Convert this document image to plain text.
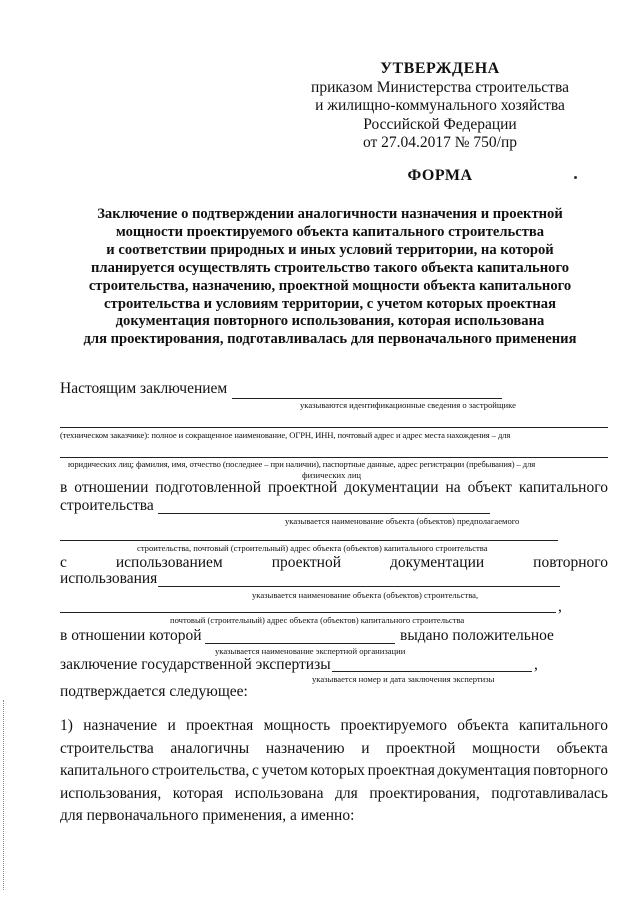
УТВЕРЖДЕНА
приказом Министерства строительства
и жилищно-коммунального хозяйства
Российской Федерации
от 27.04.2017 № 750/пр
ФОРМА
Заключение о подтверждении аналогичности назначения и проектной
мощности проектируемого объекта капитального строительства
и соответствии природных и иных условий территории, на которой
планируется осуществлять строительство такого объекта капитального
строительства, назначению, проектной мощности объекта капитального
строительства и условиям территории, с учетом которых проектная
документация повторного использования, которая использована
для проектирования, подготавливалась для первоначального применения
Настоящим заключением
указываются идентификационные сведения о застройщике
(техническом заказчике): полное и сокращенное наименование, ОГРН, ИНН, почтовый адрес и адрес места нахождения – для
юридических лиц; фамилия, имя, отчество (последнее – при наличии), паспортные данные, адрес регистрации (пребывания) – для
физических лиц
в отношении подготовленной проектной документации на объект капитального
строительства
указывается наименование объекта (объектов) предполагаемого
строительства, почтовый (строительный) адрес объекта (объектов) капитального строительства
с	использованием	проектной	документации	повторного
использования
указывается наименование объекта (объектов) строительства,
,
почтовый (строительный) адрес объекта (объектов) капитального строительства
в отношении которой	выдано положительное
указывается наименование экспертной организации
заключение государственной экспертизы	,
указывается номер и дата заключения экспертизы
подтверждается следующее:
1) назначение и проектная мощность проектируемого объекта капитального
строительства аналогичны назначению и проектной мощности объекта
капитального строительства, с учетом которых проектная документация повторного
использования, которая использована для проектирования, подготавливалась
для первоначального применения, а именно:
